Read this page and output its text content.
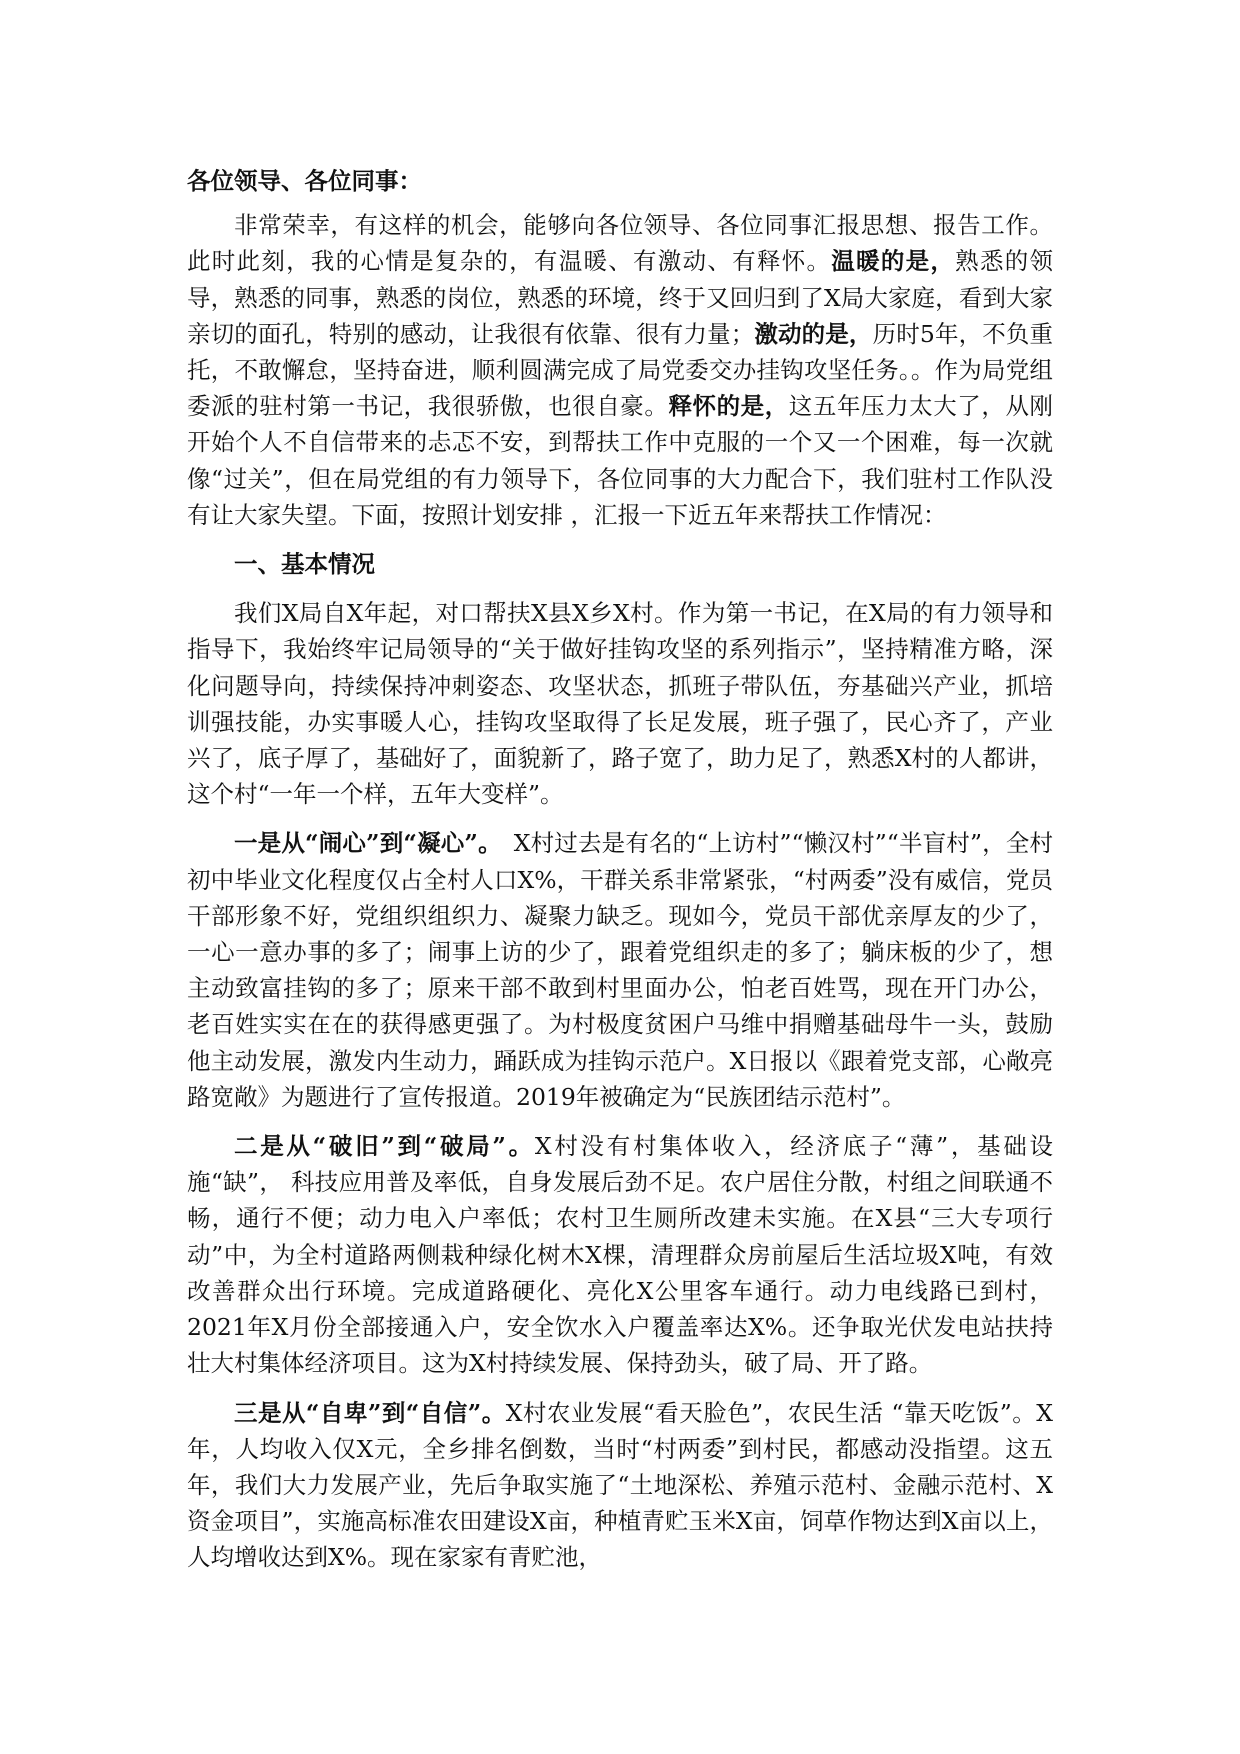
各位领导、各位同事：

非常荣幸，有这样的机会，能够向各位领导、各位同事汇报思想、报告工作。此时此刻，我的心情是复杂的，有温暖、有激动、有释怀。温暖的是，熟悉的领导，熟悉的同事，熟悉的岗位，熟悉的环境，终于又回归到了X局大家庭，看到大家亲切的面孔，特别的感动，让我很有依靠、很有力量；激动的是，历时5年，不负重托，不敢懈怠，坚持奋进，顺利圆满完成了局党委交办挂钩攻坚任务。。作为局党组委派的驻村第一书记，我很骄傲，也很自豪。释怀的是，这五年压力太大了，从刚开始个人不自信带来的忐忑不安，到帮扶工作中克服的一个又一个困难，每一次就像“过关”，但在局党组的有力领导下，各位同事的大力配合下，我们驻村工作队没有让大家失望。下面，按照计划安排 ，汇报一下近五年来帮扶工作情况：

一、基本情况

我们X局自X年起，对口帮扶X县X乡X村。作为第一书记，在X局的有力领导和指导下，我始终牢记局领导的“关于做好挂钩攻坚的系列指示”，坚持精准方略，深化问题导向，持续保持冲刺姿态、攻坚状态，抓班子带队伍，夯基础兴产业，抓培训强技能，办实事暖人心，挂钩攻坚取得了长足发展，班子强了，民心齐了，产业兴了，底子厚了，基础好了，面貌新了，路子宽了，助力足了，熟悉X村的人都讲，这个村“一年一个样，五年大变样”。

一是从“闹心”到“凝心”。　X村过去是有名的“上访村”“懒汉村”“半盲村”，全村初中毕业文化程度仅占全村人口X%，干群关系非常紧张，“村两委”没有威信，党员干部形象不好，党组织组织力、凝聚力缺乏。现如今，党员干部优亲厚友的少了，一心一意办事的多了；闹事上访的少了，跟着党组织走的多了；躺床板的少了，想主动致富挂钩的多了；原来干部不敢到村里面办公，怕老百姓骂，现在开门办公，老百姓实实在在的获得感更强了。为村极度贫困户马维中捐赠基础母牛一头，鼓励他主动发展，激发内生动力，踊跃成为挂钩示范户。X日报以《跟着党支部，心敞亮路宽敞》为题进行了宣传报道。2019年被确定为“民族团结示范村”。

二是从“破旧”到“破局”。X村没有村集体收入，经济底子“薄”，基础设施“缺”， 科技应用普及率低，自身发展后劲不足。农户居住分散，村组之间联通不畅，通行不便；动力电入户率低；农村卫生厕所改建未实施。在X县“三大专项行动”中，为全村道路两侧栽种绿化树木X棵，清理群众房前屋后生活垃圾X吨，有效改善群众出行环境。完成道路硬化、亮化X公里客车通行。动力电线路已到村，2021年X月份全部接通入户，安全饮水入户覆盖率达X%。还争取光伏发电站扶持壮大村集体经济项目。这为X村持续发展、保持劲头，破了局、开了路。

三是从“自卑”到“自信”。X村农业发展“看天脸色”，农民生活 “靠天吃饭”。X年，人均收入仅X元，全乡排名倒数，当时“村两委”到村民，都感动没指望。这五年，我们大力发展产业，先后争取实施了“土地深松、养殖示范村、金融示范村、X资金项目”，实施高标准农田建设X亩，种植青贮玉米X亩，饲草作物达到X亩以上，人均增收达到X%。现在家家有青贮池，
